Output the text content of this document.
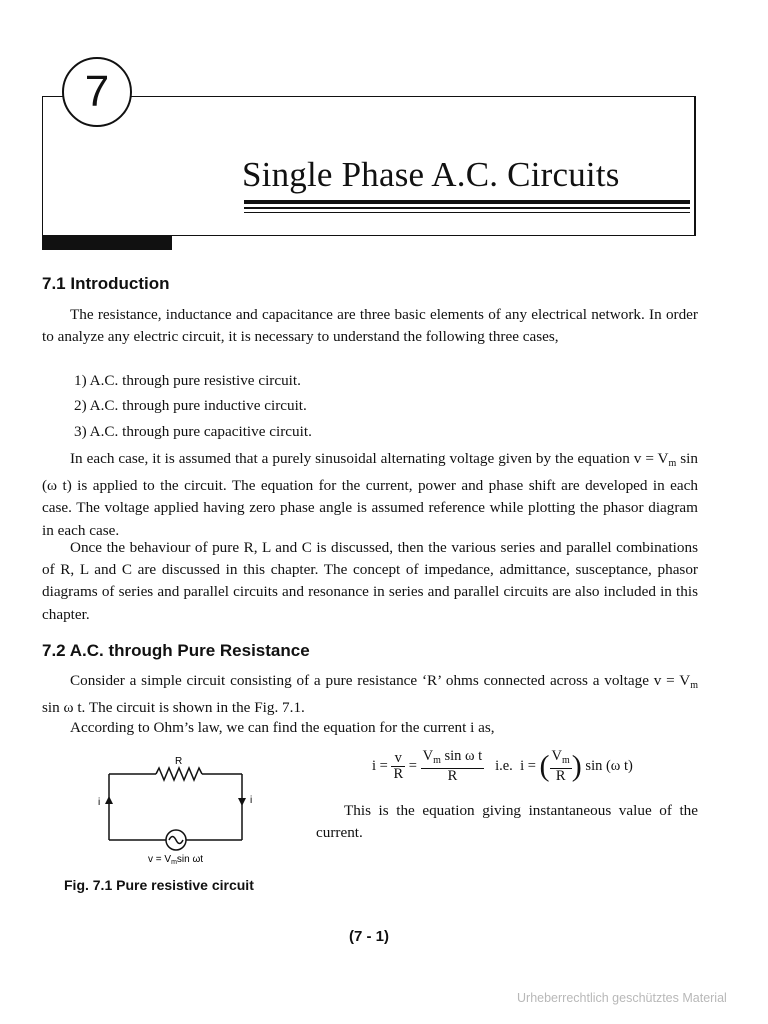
7
Single Phase A.C. Circuits
7.1 Introduction
The resistance, inductance and capacitance are three basic elements of any electrical network. In order to analyze any electric circuit, it is necessary to understand the following three cases,
1) A.C. through pure resistive circuit.
2) A.C. through pure inductive circuit.
3) A.C. through pure capacitive circuit.
In each case, it is assumed that a purely sinusoidal alternating voltage given by the equation $v = V_m$ sin (ω t) is applied to the circuit. The equation for the current, power and phase shift are developed in each case. The voltage applied having zero phase angle is assumed reference while plotting the phasor diagram in each case.
Once the behaviour of pure R, L and C is discussed, then the various series and parallel combinations of R, L and C are discussed in this chapter. The concept of impedance, admittance, susceptance, phasor diagrams of series and parallel circuits and resonance in series and parallel circuits are also included in this chapter.
7.2 A.C. through Pure Resistance
Consider a simple circuit consisting of a pure resistance ‘R’ ohms connected across a voltage $v = V_m$ sin ω t. The circuit is shown in the Fig. 7.1.
According to Ohm’s law, we can find the equation for the current i as,
$i = \frac{v}{R} = \frac{V_m \sin \omega t}{R} i.e$. i = ( $\frac{V_m}{R}$ ) sin (ω t)
This is the equation giving instantaneous value of the current.
R
i	i
$v = V_m\sin$ ωt
Fig. 7.1 Pure resistive circuit
(7 - 1)
Urheberrechtlich geschütztes Material
